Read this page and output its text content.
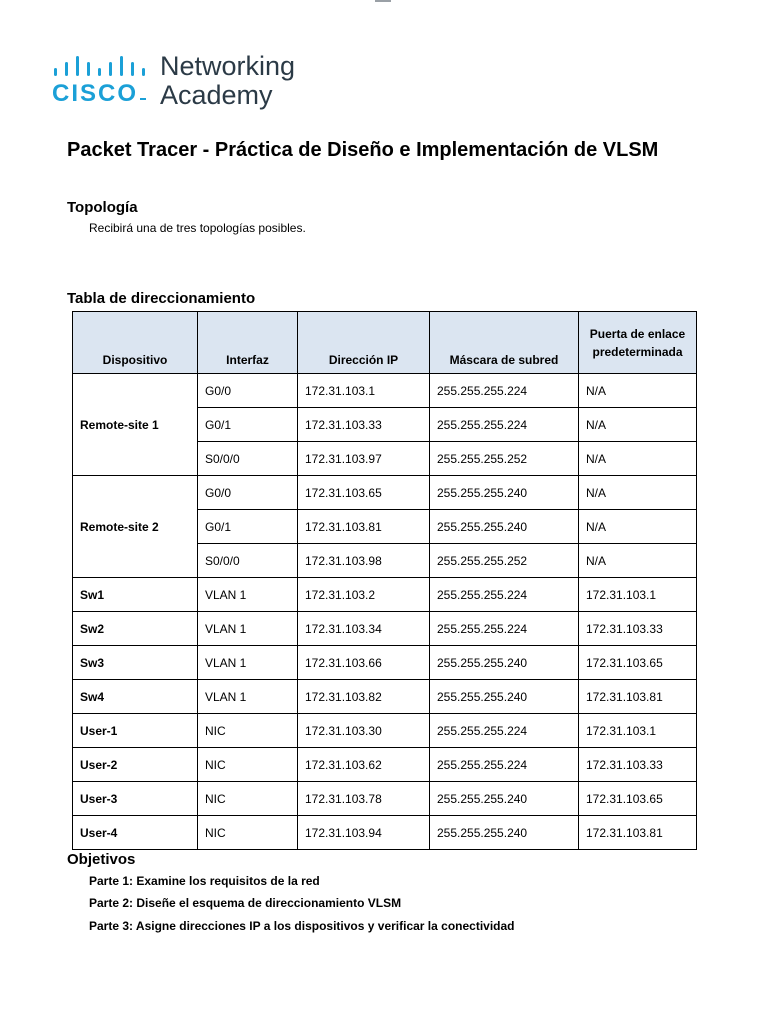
CISCO
Networking
Academy
Packet Tracer - Práctica de Diseño e Implementación de VLSM
Topología
Recibirá una de tres topologías posibles.
Tabla de direccionamiento
Dispositivo	Interfaz	Dirección IP	Máscara de subred	Puerta de enlace predeterminada
Remote-site 1	G0/0	172.31.103.1	255.255.255.224	N/A
	G0/1	172.31.103.33	255.255.255.224	N/A
	S0/0/0	172.31.103.97	255.255.255.252	N/A
Remote-site 2	G0/0	172.31.103.65	255.255.255.240	N/A
	G0/1	172.31.103.81	255.255.255.240	N/A
	S0/0/0	172.31.103.98	255.255.255.252	N/A
Sw1	VLAN 1	172.31.103.2	255.255.255.224	172.31.103.1
Sw2	VLAN 1	172.31.103.34	255.255.255.224	172.31.103.33
Sw3	VLAN 1	172.31.103.66	255.255.255.240	172.31.103.65
Sw4	VLAN 1	172.31.103.82	255.255.255.240	172.31.103.81
User-1	NIC	172.31.103.30	255.255.255.224	172.31.103.1
User-2	NIC	172.31.103.62	255.255.255.224	172.31.103.33
User-3	NIC	172.31.103.78	255.255.255.240	172.31.103.65
User-4	NIC	172.31.103.94	255.255.255.240	172.31.103.81
Objetivos
Parte 1: Examine los requisitos de la red
Parte 2: Diseñe el esquema de direccionamiento VLSM
Parte 3: Asigne direcciones IP a los dispositivos y verificar la conectividad
